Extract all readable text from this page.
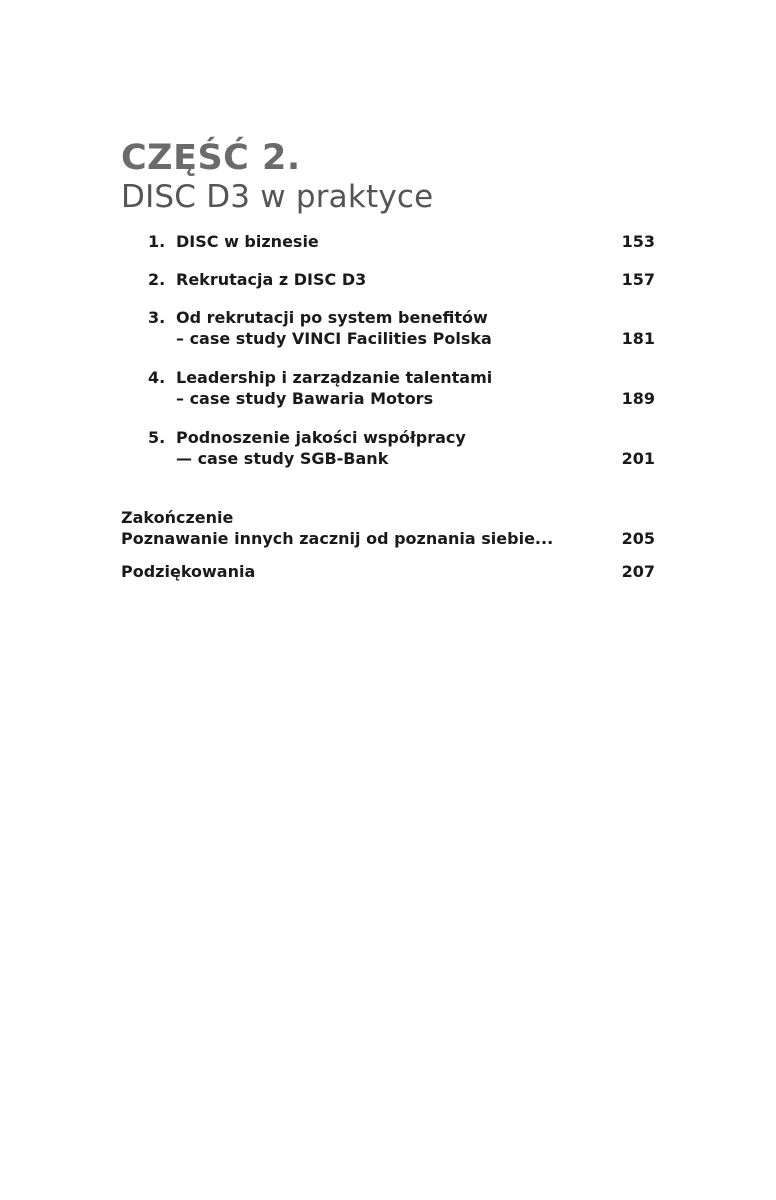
CZĘŚĆ 2.
DISC D3 w praktyce
1. DISC w biznesie	153
2. Rekrutacja z DISC D3	157
3. Od rekrutacji po system benefitów
– case study VINCI Facilities Polska	181
4. Leadership i zarządzanie talentami
– case study Bawaria Motors	189
5. Podnoszenie jakości współpracy
— case study SGB-Bank	201
Zakończenie
Poznawanie innych zacznij od poznania siebie...	205
Podziękowania	207
